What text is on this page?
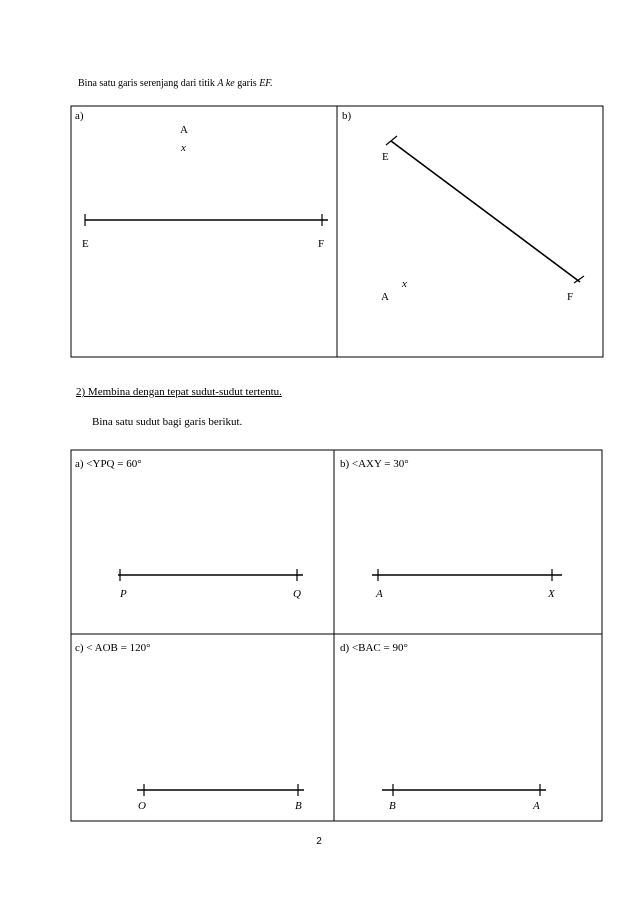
Bina satu garis serenjang dari titik A ke garis EF.
a)
A
x
E	F
b)
E
x
A	F
a) <YPQ = 60°
P	Q
b) <AXY = 30°
A	X
c) < AOB = 120°
O	B
d) <BAC = 90°
B	A
2) Membina dengan tepat sudut-sudut tertentu.
Bina satu sudut bagi garis berikut.
2
